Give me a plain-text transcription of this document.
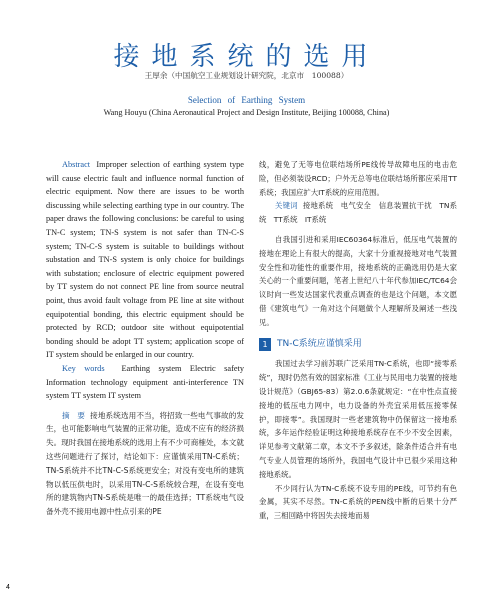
接地系统的选用
王厚余（中国航空工业规划设计研究院，北京市　100088）
Selection of Earthing System
Wang Houyu (China Aeronautical Project and Design Institute, Beijing 100088, China)

Abstract Improper selection of earthing system type will cause electric fault and influence normal function of electric equipment. Now there are issues to be worth discussing while selecting earthing type in our country. The paper draws the following conclusions: be careful to using TN-C system; TN-S system is not safer than TN-C-S system; TN-C-S system is suitable to buildings without substation and TN-S system is only choice for buildings with substation; enclosure of electric equipment powered by TT system do not connect PE line from source neutral point, thus avoid fault voltage from PE line at site without equipotential bonding, this electric equipment should be protected by RCD; outdoor site without equipotential bonding should be adopt TT system; application scope of IT system should be enlarged in our country.

Key words Earthing system Electric safety Information technology equipment anti-interference TN system TT system IT system

摘　要 接地系统选用不当，将招致一些电气事故的发生，也可能影响电气装置的正常功能，造成不应有的经济损失。现时我国在接地系统的选用上有不少可商榷处，本文就这些问题进行了探讨，结论如下：应谨慎采用TN-C系统；TN-S系统并不比TN-C-S系统更安全；对没有变电所的建筑物以低压供电时，以采用TN-C-S系统较合理，在设有变电所的建筑物内TN-S系统是唯一的最佳选择；TT系统电气设备外壳不接用电源中性点引来的PE

线，避免了无等电位联结场所PE线传导故障电压的电击危险，但必须装设RCD；户外无总等电位联结场所都应采用TT系统；我国应扩大IT系统的应用范围。

关键词 接地系统　电气安全　信息装置抗干扰　TN系统　TT系统　IT系统

自我国引进和采用IEC60364标准后，低压电气装置的接地在理论上有很大的提高，大家十分重视接地对电气装置安全性和功能性的重要作用，接地系统的正确选用仍是大家关心的一个重要问题，笔者上世纪八十年代参加IEC/TC64会议时向一些发达国家代表重点调查的也是这个问题，本文愿借《建筑电气》一角对这个问题做个人理解所及阐述一些浅见。

1	TN-C系统应谨慎采用

我国过去学习前苏联广泛采用TN-C系统，也即“接零系统”，现时仍然有效的国家标准《工业与民用电力装置的接地设计规范》（GBJ65-83）第2.0.6条就规定：“在中性点直接接地的低压电力网中，电力设备的外壳宜采用低压接零保护，即接零”。我国现时一些老建筑物中仍保留这一接地系统，多年运作经验证明这种接地系统存在不少不安全因素，详见参考文献第二章，本文不予多叙述，除条件适合并有电气专业人员管理的场所外，我国电气设计中已很少采用这种接地系统。

不少同行认为TN-C系统不设专用的PE线，可节约有色金属，其实不尽然。TN-C系统的PEN线中断的后果十分严重，三相回路中将因失去接地而易

4
